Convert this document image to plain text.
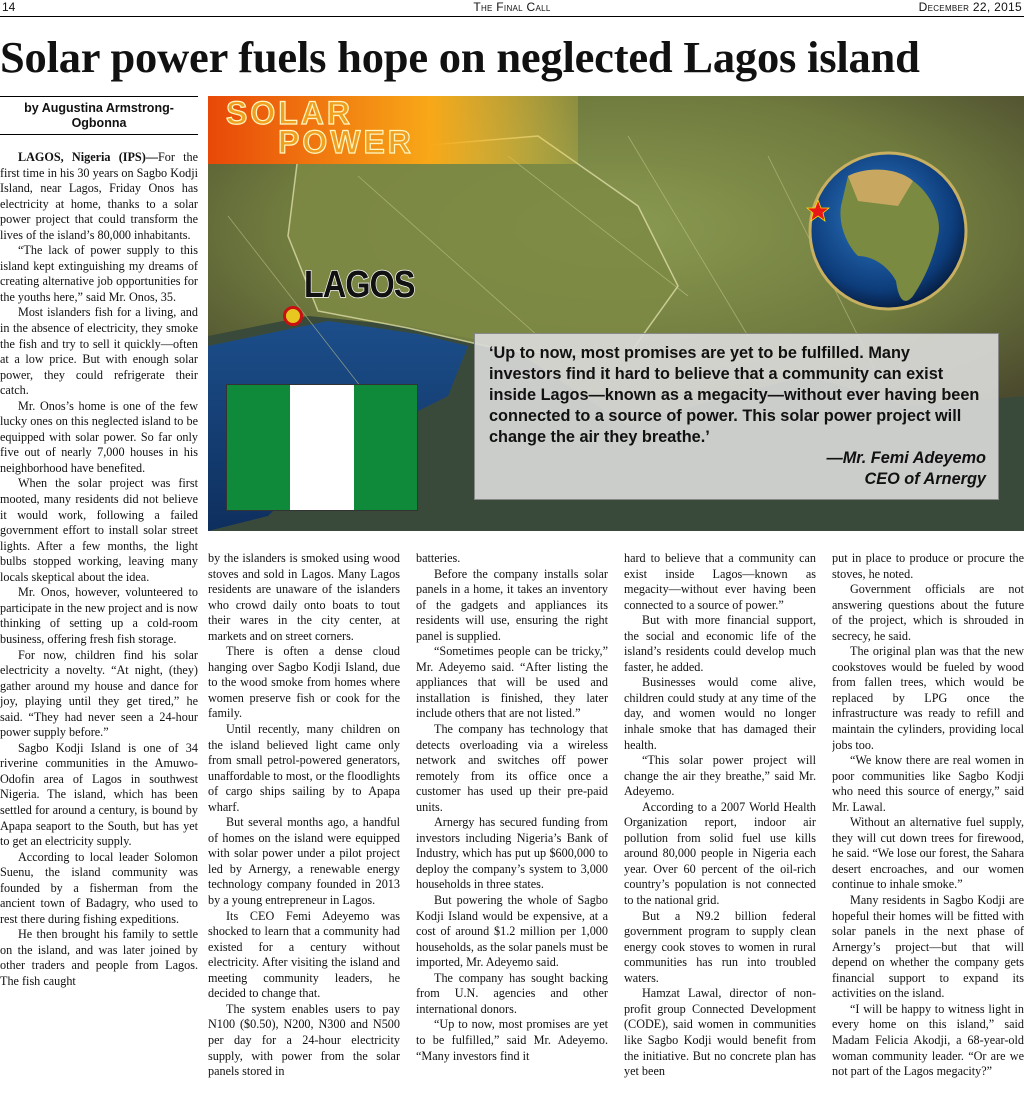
14	The Final Call	December 22, 2015
Solar power fuels hope on neglected Lagos island
by Augustina Armstrong-Ogbonna	SOLAR
POWER
LAGOS
‘Up to now, most promises are yet to be fulfilled. Many investors find it hard to believe that a community can exist inside Lagos—known as a megacity—without ever having been connected to a source of power. This solar power project will change the air they breathe.’
—Mr. Femi Adeyemo
CEO of Arnergy

LAGOS, Nigeria (IPS)—For the first time in his 30 years on Sagbo Kodji Island, near Lagos, Friday Onos has electricity at home, thanks to a solar power project that could transform the lives of the island’s 80,000 inhabitants.

“The lack of power supply to this island kept extinguishing my dreams of creating alternative job opportunities for the youths here,” said Mr. Onos, 35.

Most islanders fish for a living, and in the absence of electricity, they smoke the fish and try to sell it quickly—often at a low price. But with enough solar power, they could refrigerate their catch.

Mr. Onos’s home is one of the few lucky ones on this neglected island to be equipped with solar power. So far only five out of nearly 7,000 houses in his neighborhood have benefited.

When the solar project was first mooted, many residents did not believe it would work, following a failed government effort to install solar street lights. After a few months, the light bulbs stopped working, leaving many locals skeptical about the idea.

Mr. Onos, however, volunteered to participate in the new project and is now thinking of setting up a cold-room business, offering fresh fish storage.

For now, children find his solar electricity a novelty. “At night, (they) gather around my house and dance for joy, playing until they get tired,” he said. “They had never seen a 24-hour power supply before.”

Sagbo Kodji Island is one of 34 riverine communities in the Amuwo-Odofin area of Lagos in southwest Nigeria. The island, which has been settled for around a century, is bound by Apapa seaport to the South, but has yet to get an electricity supply.

According to local leader Solomon Suenu, the island community was founded by a fisherman from the ancient town of Badagry, who used to rest there during fishing expeditions.

He then brought his family to settle on the island, and was later joined by other traders and people from Lagos. The fish caught

by the islanders is smoked using wood stoves and sold in Lagos. Many Lagos residents are unaware of the islanders who crowd daily onto boats to tout their wares in the city center, at markets and on street corners.

There is often a dense cloud hanging over Sagbo Kodji Island, due to the wood smoke from homes where women preserve fish or cook for the family.

Until recently, many children on the island believed light came only from small petrol-powered generators, unaffordable to most, or the floodlights of cargo ships sailing by to Apapa wharf.

But several months ago, a handful of homes on the island were equipped with solar power under a pilot project led by Arnergy, a renewable energy technology company founded in 2013 by a young entrepreneur in Lagos.

Its CEO Femi Adeyemo was shocked to learn that a community had existed for a century without electricity. After visiting the island and meeting community leaders, he decided to change that.

The system enables users to pay N100 ($0.50), N200, N300 and N500 per day for a 24-hour electricity supply, with power from the solar panels stored in

batteries.

Before the company installs solar panels in a home, it takes an inventory of the gadgets and appliances its residents will use, ensuring the right panel is supplied.

“Sometimes people can be tricky,” Mr. Adeyemo said. “After listing the appliances that will be used and installation is finished, they later include others that are not listed.”

The company has technology that detects overloading via a wireless network and switches off power remotely from its office once a customer has used up their pre-paid units.

Arnergy has secured funding from investors including Nigeria’s Bank of Industry, which has put up $600,000 to deploy the company’s system to 3,000 households in three states.

But powering the whole of Sagbo Kodji Island would be expensive, at a cost of around $1.2 million per 1,000 households, as the solar panels must be imported, Mr. Adeyemo said.

The company has sought backing from U.N. agencies and other international donors.

“Up to now, most promises are yet to be fulfilled,” said Mr. Adeyemo. “Many investors find it

hard to believe that a community can exist inside Lagos—known as megacity—without ever having been connected to a source of power.”

But with more financial support, the social and economic life of the island’s residents could develop much faster, he added.

Businesses would come alive, children could study at any time of the day, and women would no longer inhale smoke that has damaged their health.

“This solar power project will change the air they breathe,” said Mr. Adeyemo.

According to a 2007 World Health Organization report, indoor air pollution from solid fuel use kills around 80,000 people in Nigeria each year. Over 60 percent of the oil-rich country’s population is not connected to the national grid.

But a N9.2 billion federal government program to supply clean energy cook stoves to women in rural communities has run into troubled waters.

Hamzat Lawal, director of non-profit group Connected Development (CODE), said women in communities like Sagbo Kodji would benefit from the initiative. But no concrete plan has yet been

put in place to produce or procure the stoves, he noted.

Government officials are not answering questions about the future of the project, which is shrouded in secrecy, he said.

The original plan was that the new cookstoves would be fueled by wood from fallen trees, which would be replaced by LPG once the infrastructure was ready to refill and maintain the cylinders, providing local jobs too.

“We know there are real women in poor communities like Sagbo Kodji who need this source of energy,” said Mr. Lawal.

Without an alternative fuel supply, they will cut down trees for firewood, he said. “We lose our forest, the Sahara desert encroaches, and our women continue to inhale smoke.”

Many residents in Sagbo Kodji are hopeful their homes will be fitted with solar panels in the next phase of Arnergy’s project—but that will depend on whether the company gets financial support to expand its activities on the island.

“I will be happy to witness light in every home on this island,” said Madam Felicia Akodji, a 68-year-old woman community leader. “Or are we not part of the Lagos megacity?”
